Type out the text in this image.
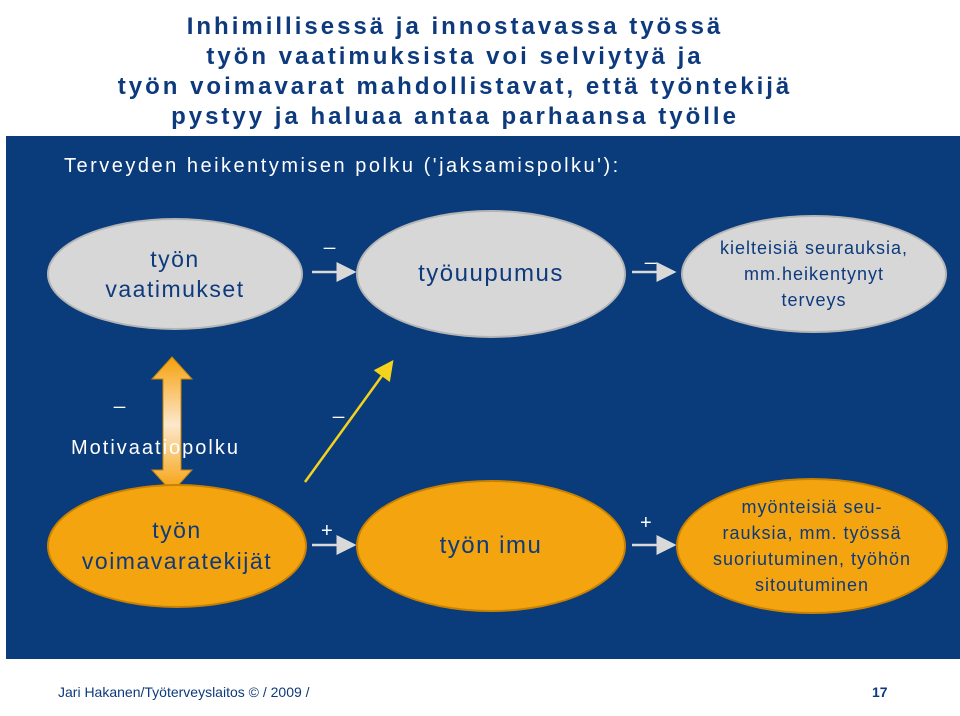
Inhimillisessä ja innostavassa työssä
työn vaatimuksista voi selviytyä ja
työn voimavarat mahdollistavat, että työntekijä
pystyy ja haluaa antaa parhaansa työlle
Terveyden heikentymisen polku ('jaksamispolku'):
työn
vaatimukset
työuupumus
kielteisiä seurauksia,
mm.heikentynyt
terveys
_
_
_	_
Motivaatiopolku
työn
voimavaratekijät
työn imu
myönteisiä seu-
rauksia, mm. työssä
suoriutuminen, työhön
sitoutuminen
+	+
Jari Hakanen/Työterveyslaitos © / 2009 /	17
